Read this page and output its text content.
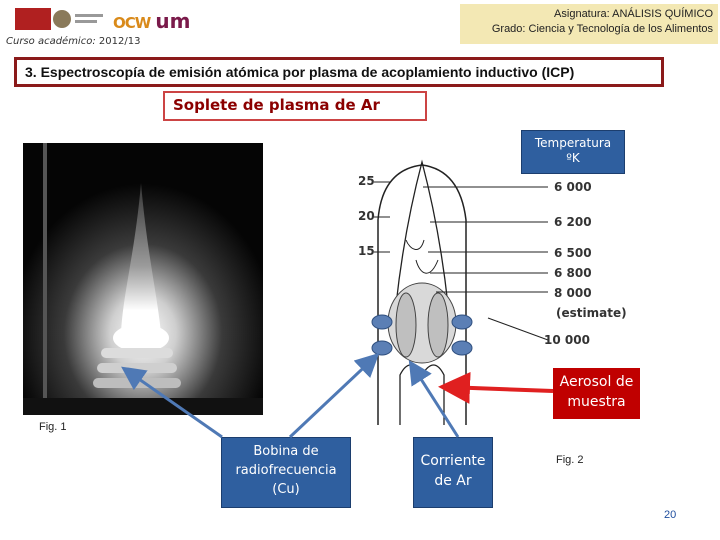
OCW um
Curso académico: 2012/13
Asignatura: ANÁLISIS QUÍMICO
Grado: Ciencia y Tecnología de los Alimentos
3. Espectroscopía de emisión atómica por plasma de acoplamiento inductivo (ICP)
Soplete de plasma de Ar
25
20
15
Temperatura
ºK
6 000
6 200
6 500
6 800
8 000
(estimate)
10 000
Aerosol de
muestra
Bobina de
radiofrecuencia
(Cu)
Corriente
de Ar
Fig. 1
Fig. 2
20
